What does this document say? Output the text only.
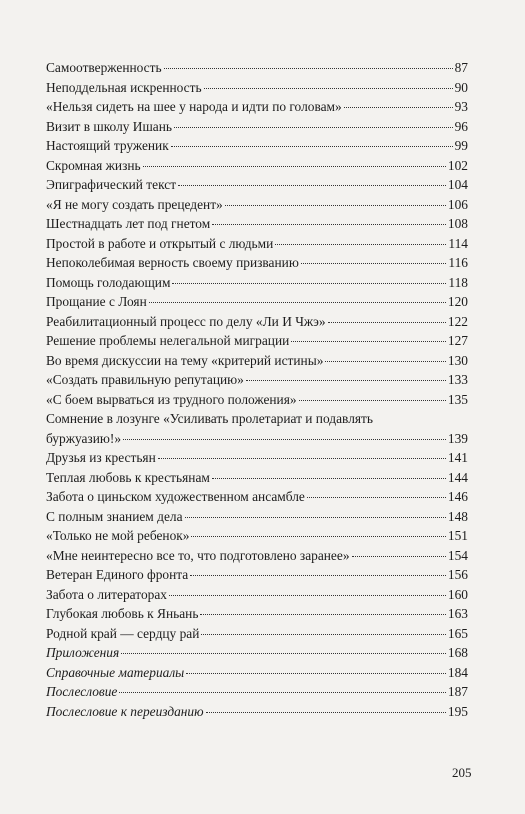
Самоотверженность	87
Неподдельная искренность	90
«Нельзя сидеть на шее у народа и идти по головам»	93
Визит в школу Ишань	96
Настоящий труженик	99
Скромная жизнь	102
Эпиграфический текст	104
«Я не могу создать прецедент»	106
Шестнадцать лет под гнетом	108
Простой в работе и открытый с людьми	114
Непоколебимая верность своему призванию	116
Помощь голодающим	118
Прощание с Лоян	120
Реабилитационный процесс по делу «Ли И Чжэ»	122
Решение проблемы нелегальной миграции	127
Во время дискуссии на тему «критерий истины»	130
«Создать правильную репутацию»	133
«С боем вырваться из трудного положения»	135
Сомнение в лозунге «Усиливать пролетариат и подавлять
буржуазию!»	139
Друзья из крестьян	141
Теплая любовь к крестьянам	144
Забота о циньском художественном ансамбле	146
С полным знанием дела	148
«Только не мой ребенок»	151
«Мне неинтересно все то, что подготовлено заранее»	154
Ветеран Единого фронта	156
Забота о литераторах	160
Глубокая любовь к Яньань	163
Родной край — сердцу рай	165
Приложения	168
Справочные материалы	184
Послесловие	187
Послесловие к переизданию	195
205
